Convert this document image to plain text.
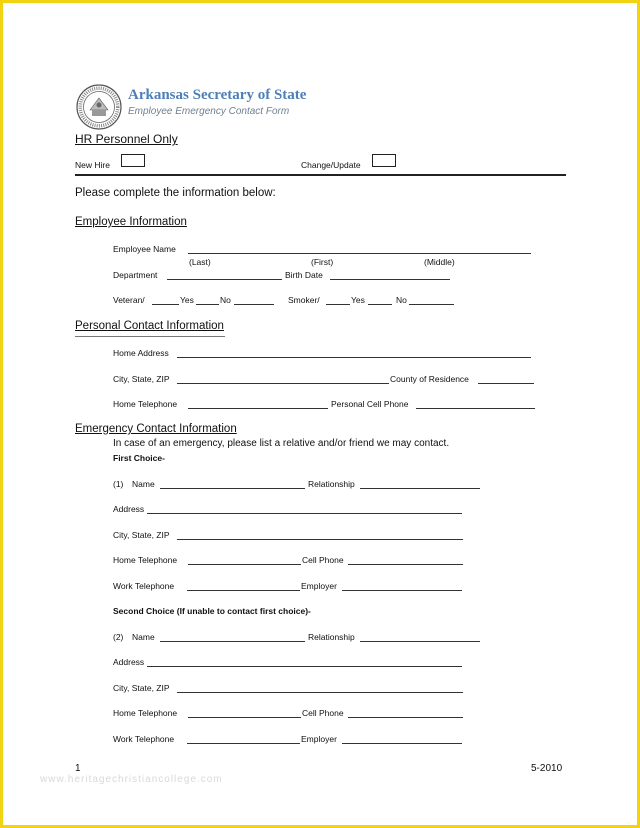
Arkansas Secretary of State
Employee Emergency Contact Form
HR Personnel Only
New Hire	Change/Update
Please complete the information below:
Employee Information
Employee Name
(Last)	(First)	(Middle)
Department	Birth Date
Veteran/	Yes	No	Smoker/	Yes	No
Personal Contact Information
Home Address
City, State, ZIP	County of Residence
Home Telephone	Personal Cell Phone
Emergency Contact Information
In case of an emergency, please list a relative and/or friend we may contact.
First Choice-
(1) Name	Relationship
Address
City, State, ZIP
Home Telephone	Cell Phone
Work Telephone	Employer
Second Choice (If unable to contact first choice)-
(2) Name	Relationship
Address
City, State, ZIP
Home Telephone	Cell Phone
Work Telephone	Employer
1	5-2010
www.heritagechristiancollege.com
